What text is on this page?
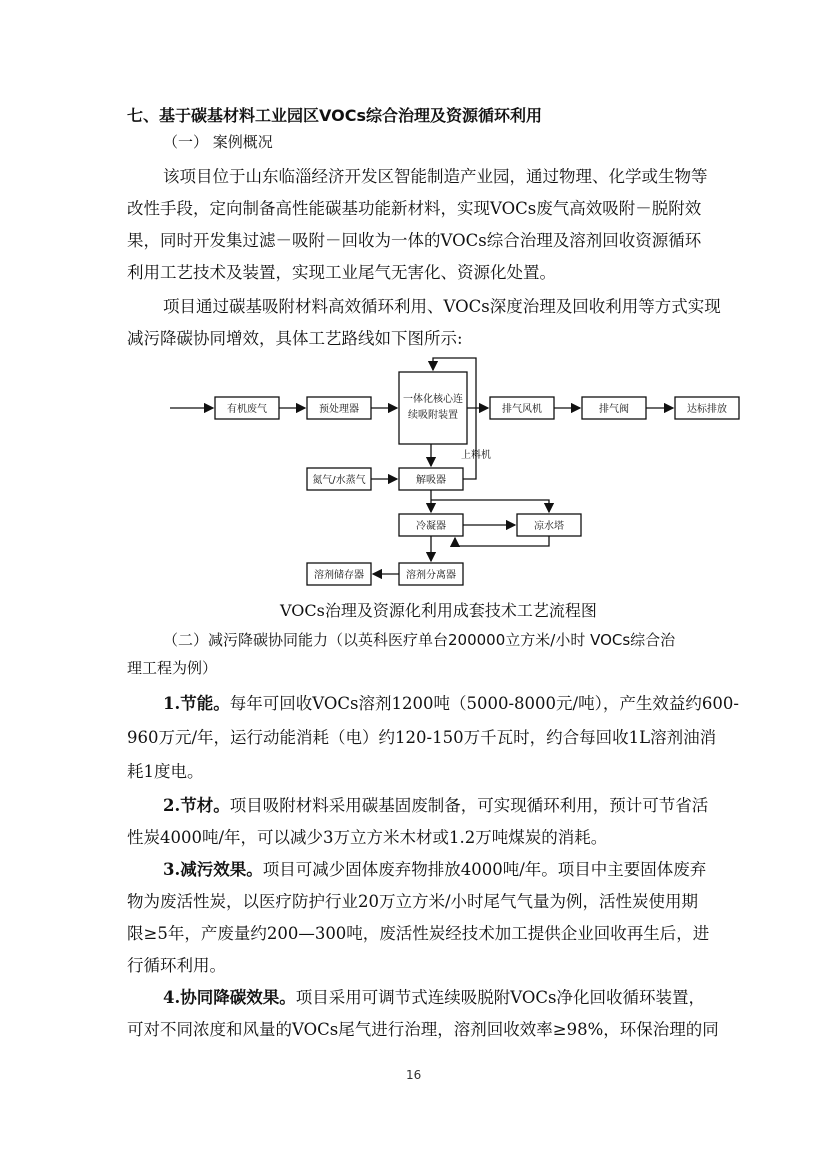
七、基于碳基材料工业园区VOCs综合治理及资源循环利用
（一） 案例概况
该项目位于山东临淄经济开发区智能制造产业园，通过物理、化学或生物等
改性手段，定向制备高性能碳基功能新材料，实现VOCs废气高效吸附－脱附效
果，同时开发集过滤－吸附－回收为一体的VOCs综合治理及溶剂回收资源循环
利用工艺技术及装置，实现工业尾气无害化、资源化处置。
项目通过碳基吸附材料高效循环利用、VOCs深度治理及回收利用等方式实现
减污降碳协同增效，具体工艺路线如下图所示:
有机废气	预处理器
一体化核心连
续吸附装置
排气风机	排气阀	达标排放
上料机
氮气/水蒸气	解吸器
冷凝器	凉水塔
溶剂分离器
溶剂储存器
VOCs治理及资源化利用成套技术工艺流程图
（二）减污降碳协同能力（以英科医疗单台200000立方米/小时 VOCs综合治
理工程为例）
1.节能。每年可回收VOCs溶剂1200吨（5000-8000元/吨），产生效益约600-
960万元/年，运行动能消耗（电）约120-150万千瓦时，约合每回收1L溶剂油消
耗1度电。
2.节材。项目吸附材料采用碳基固废制备，可实现循环利用，预计可节省活
性炭4000吨/年，可以减少3万立方米木材或1.2万吨煤炭的消耗。
3.减污效果。项目可减少固体废弃物排放4000吨/年。项目中主要固体废弃
物为废活性炭，以医疗防护行业20万立方米/小时尾气气量为例，活性炭使用期
限≥5年，产废量约200—300吨，废活性炭经技术加工提供企业回收再生后，进
行循环利用。
4.协同降碳效果。项目采用可调节式连续吸脱附VOCs净化回收循环装置，
可对不同浓度和风量的VOCs尾气进行治理，溶剂回收效率≥98%，环保治理的同
16
